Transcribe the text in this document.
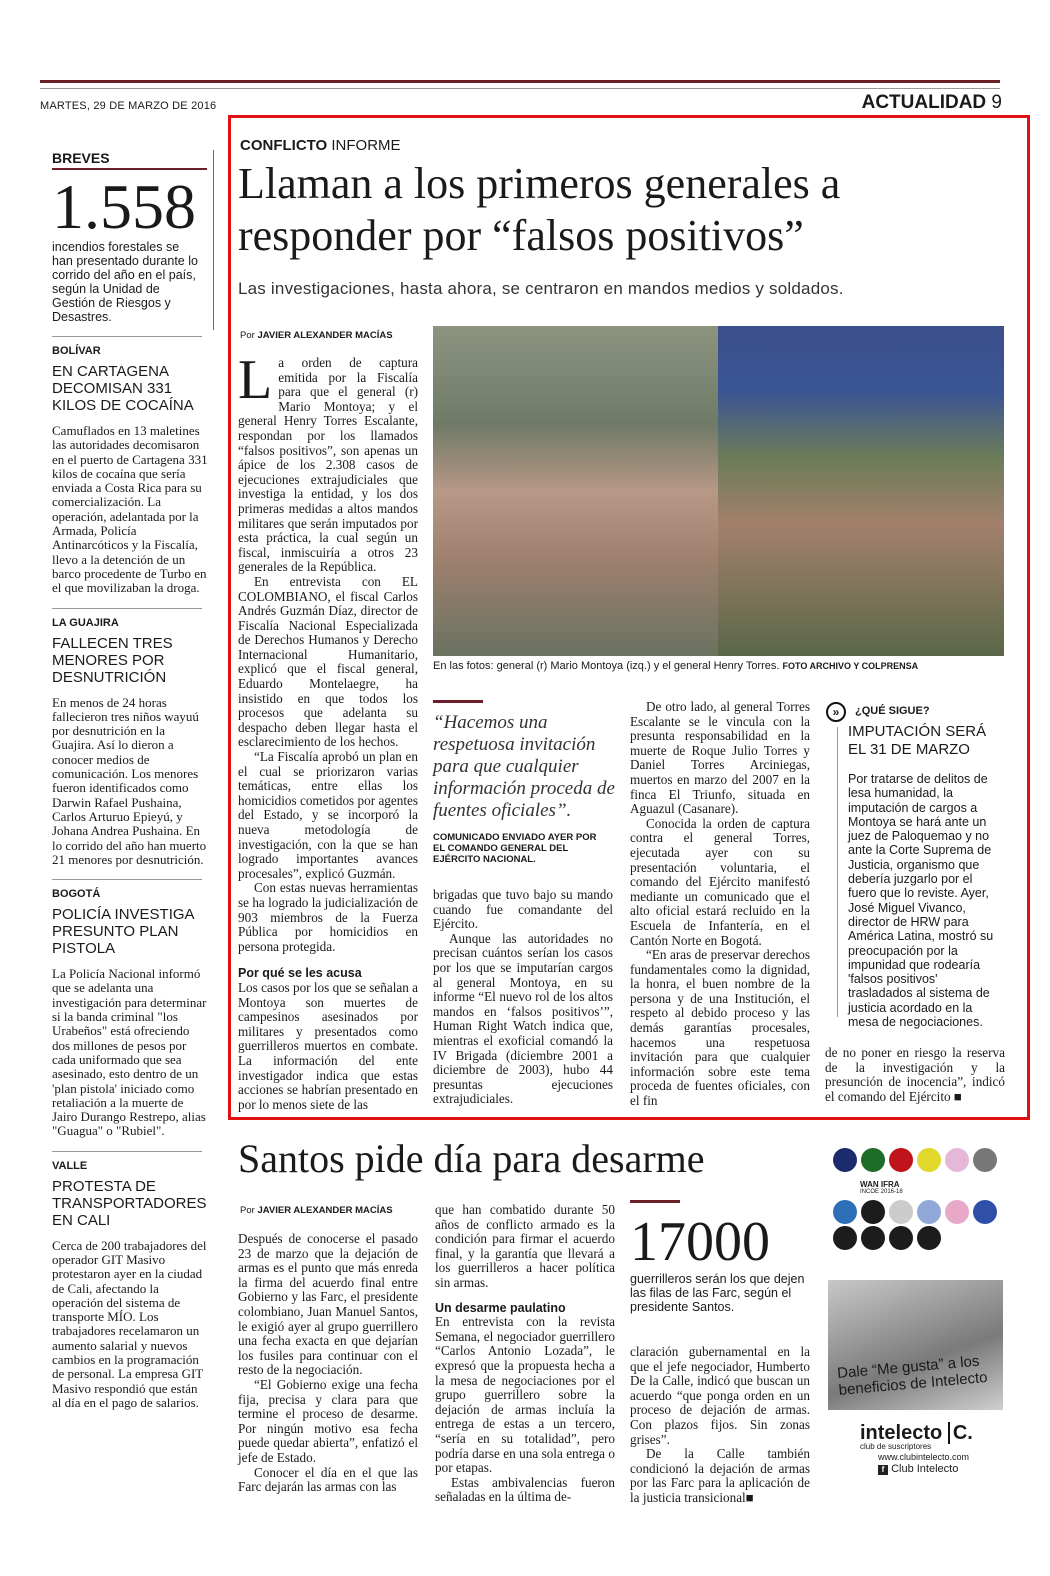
MARTES, 29 DE MARZO DE 2016	ACTUALIDAD 9
BREVES
1.558
incendios forestales se han presentado durante lo corrido del año en el país, según la Unidad de Gestión de Riesgos y Desastres.
BOLÍVAR
EN CARTAGENA DECOMISAN 331 KILOS DE COCAÍNA
Camuflados en 13 maletines las autoridades decomisaron en el puerto de Cartagena 331 kilos de cocaína que sería enviada a Costa Rica para su comercialización. La operación, adelantada por la Armada, Policía Antinarcóticos y la Fiscalía, llevo a la detención de un barco procedente de Turbo en el que movilizaban la droga.
LA GUAJIRA
FALLECEN TRES MENORES POR DESNUTRICIÓN
En menos de 24 horas fallecieron tres niños wayuú por desnutrición en la Guajira. Así lo dieron a conocer medios de comunicación. Los menores fueron identificados como Darwin Rafael Pushaina, Carlos Arturuo Epieyú, y Johana Andrea Pushaina. En lo corrido del año han muerto 21 menores por desnutrición.
BOGOTÁ
POLICÍA INVESTIGA PRESUNTO PLAN PISTOLA
La Policía Nacional informó que se adelanta una investigación para determinar si la banda criminal "los Urabeños" está ofreciendo dos millones de pesos por cada uniformado que sea asesinado, esto dentro de un 'plan pistola' iniciado como retaliación a la muerte de Jairo Durango Restrepo, alias "Guagua" o "Rubiel".
VALLE
PROTESTA DE TRANSPORTADORES EN CALI
Cerca de 200 trabajadores del operador GIT Masivo protestaron ayer en la ciudad de Cali, afectando la operación del sistema de transporte MÍO. Los trabajadores recelamaron un aumento salarial y nuevos cambios en la programación de personal. La empresa GIT Masivo respondió que están al día en el pago de salarios.
CONFLICTO INFORME
Llaman a los primeros generales a responder por “falsos positivos”
Las investigaciones, hasta ahora, se centraron en mandos medios y soldados.
Por JAVIER ALEXANDER MACÍAS

La orden de captura emitida por la Fiscalía para que el general (r) Mario Montoya; y el general Henry Torres Escalante, respondan por los llamados “falsos positivos”, son apenas un ápice de los 2.308 casos de ejecuciones extrajudiciales que investiga la entidad, y los dos primeras medidas a altos mandos militares que serán imputados por esta práctica, la cual según un fiscal, inmiscuiría a otros 23 generales de la República.

En entrevista con EL COLOMBIANO, el fiscal Carlos Andrés Guzmán Díaz, director de Fiscalía Nacional Especializada de Derechos Humanos y Derecho Internacional Humanitario, explicó que el fiscal general, Eduardo Montelaegre, ha insistido en que todos los procesos que adelanta su despacho deben llegar hasta el esclarecimiento de los hechos.

“La Fiscalía aprobó un plan en el cual se priorizaron varias temáticas, entre ellas los homicidios cometidos por agentes del Estado, y se incorporó la nueva metodología de investigación, con la que se han logrado importantes avances procesales”, explicó Guzmán.

Con estas nuevas herramientas se ha logrado la judicialización de 903 miembros de la Fuerza Pública por homicidios en persona protegida.

Por qué se les acusa

Los casos por los que se señalan a Montoya son muertes de campesinos asesinados por militares y presentados como guerrilleros muertos en combate. La información del ente investigador indica que estas acciones se habrían presentado en por lo menos siete de las

En las fotos: general (r) Mario Montoya (izq.) y el general Henry Torres. FOTO ARCHIVO Y COLPRENSA
“Hacemos una respetuosa invitación para que cualquier información proceda de fuentes oficiales”.
COMUNICADO ENVIADO AYER POR EL COMANDO GENERAL DEL EJÉRCITO NACIONAL.

brigadas que tuvo bajo su mando cuando fue comandante del Ejército.

Aunque las autoridades no precisan cuántos serían los casos por los que se imputarían cargos al general Montoya, en su informe “El nuevo rol de los altos mandos en ‘falsos positivos’”, Human Right Watch indica que, mientras el exoficial comandó la IV Brigada (diciembre 2001 a diciembre de 2003), hubo 44 presuntas ejecuciones extrajudiciales.

De otro lado, al general Torres Escalante se le vincula con la presunta responsabilidad en la muerte de Roque Julio Torres y Daniel Torres Arciniegas, muertos en marzo del 2007 en la finca El Triunfo, situada en Aguazul (Casanare).

Conocida la orden de captura contra el general Torres, ejecutada ayer con su presentación voluntaria, el comando del Ejército manifestó mediante un comunicado que el alto oficial estará recluido en la Escuela de Infantería, en el Cantón Norte en Bogotá.

“En aras de preservar derechos fundamentales como la dignidad, la honra, el buen nombre de la persona y de una Institución, el respeto al debido proceso y las demás garantías procesales, hacemos una respetuosa invitación para que cualquier información sobre este tema proceda de fuentes oficiales, con el fin

»	¿QUÉ SIGUE?
IMPUTACIÓN SERÁ EL 31 DE MARZO
Por tratarse de delitos de lesa humanidad, la imputación de cargos a Montoya se hará ante un juez de Paloquemao y no ante la Corte Suprema de Justicia, organismo que debería juzgarlo por el fuero que lo reviste. Ayer, José Miguel Vivanco, director de HRW para América Latina, mostró su preocupación por la impunidad que rodearía 'falsos positivos' trasladados al sistema de justicia acordado en la mesa de negociaciones.

de no poner en riesgo la reserva de la investigación y la presunción de inocencia”, indicó el comando del Ejército ■

Santos pide día para desarme
Por JAVIER ALEXANDER MACÍAS

Después de conocerse el pasado 23 de marzo que la dejación de armas es el punto que más enreda la firma del acuerdo final entre Gobierno y las Farc, el presidente colombiano, Juan Manuel Santos, le exigió ayer al grupo guerrillero una fecha exacta en que dejarían los fusiles para continuar con el resto de la negociación.

“El Gobierno exige una fecha fija, precisa y clara para que termine el proceso de desarme. Por ningún motivo esa fecha puede quedar abierta”, enfatizó el jefe de Estado.

Conocer el día en el que las Farc dejarán las armas con las

que han combatido durante 50 años de conflicto armado es la condición para firmar el acuerdo final, y la garantía que llevará a los guerrilleros a hacer política sin armas.

Un desarme paulatino

En entrevista con la revista Semana, el negociador guerrillero “Carlos Antonio Lozada”, le expresó que la propuesta hecha a la mesa de negociaciones por el grupo guerrillero sobre la dejación de armas incluía la entrega de estas a un tercero, “sería en su totalidad”, pero podría darse en una sola entrega o por etapas.

Estas ambivalencias fueron señaladas en la última de-

17000
guerrilleros serán los que dejen las filas de las Farc, según el presidente Santos.

claración gubernamental en la que el jefe negociador, Humberto De la Calle, indicó que buscan un acuerdo “que ponga orden en un proceso de dejación de armas. Con plazos fijos. Sin zonas grises”.

De la Calle también condicionó la dejación de armas por las Farc para la aplicación de la justicia transicional■

WAN IFRA
INCOE 2016-18
Dale “Me gusta” a los beneficios de Intelecto
intelecto C.
club de suscriptores
www.clubintelecto.com
f Club Intelecto
